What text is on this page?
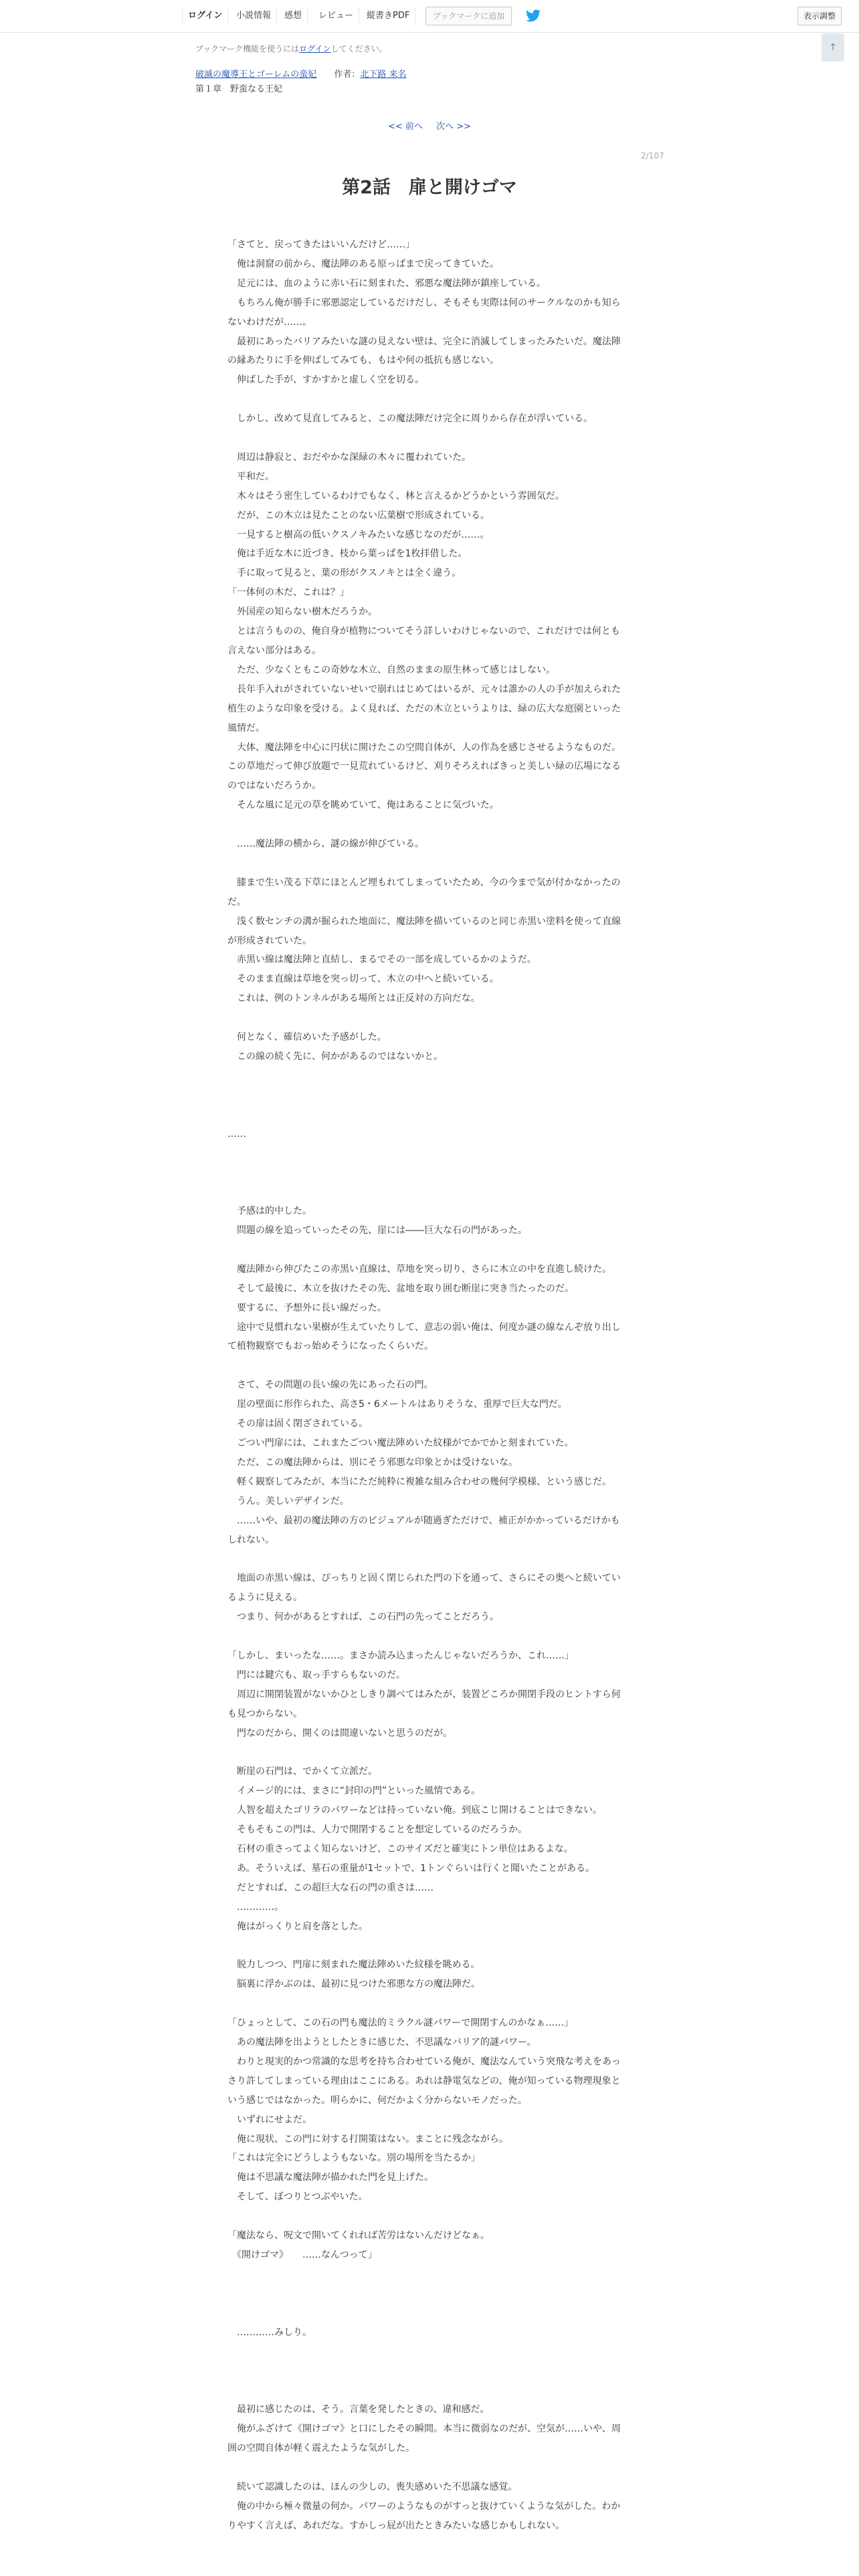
ログイン	小説情報	感想	レビュー	縦書きPDF	ブックマークに追加	表示調整
ブックマーク機能を使うにはログインしてください。	↑
破滅の魔導王とゴーレムの蛮妃 作者：北下路 来名
第１章　野蛮なる王妃
<< 前へ 次へ >>
2/107
第2話　扉と開けゴマ

「さてと、戻ってきたはいいんだけど……」

　俺は洞窟の前から、魔法陣のある原っぱまで戻ってきていた。

　足元には、血のように赤い石に刻まれた、邪悪な魔法陣が鎮座している。

　もちろん俺が勝手に邪悪認定しているだけだし、そもそも実際は何のサークルなのかも知らないわけだが……。

　最初にあったバリアみたいな謎の見えない壁は、完全に消滅してしまったみたいだ。魔法陣の縁あたりに手を伸ばしてみても、もはや何の抵抗も感じない。

　伸ばした手が、すかすかと虚しく空を切る。

　しかし、改めて見直してみると、この魔法陣だけ完全に周りから存在が浮いている。

　周辺は静寂と、おだやかな深緑の木々に覆われていた。

　平和だ。

　木々はそう密生しているわけでもなく、林と言えるかどうかという雰囲気だ。

　だが、この木立は見たことのない広葉樹で形成されている。

　一見すると樹高の低いクスノキみたいな感じなのだが……。

　俺は手近な木に近づき、枝から葉っぱを1枚拝借した。

　手に取って見ると、葉の形がクスノキとは全く違う。

「一体何の木だ、これは？」

　外国産の知らない樹木だろうか。

　とは言うものの、俺自身が植物についてそう詳しいわけじゃないので、これだけでは何とも言えない部分はある。

　ただ、少なくともこの奇妙な木立、自然のままの原生林って感じはしない。

　長年手入れがされていないせいで崩れはじめてはいるが、元々は誰かの人の手が加えられた植生のような印象を受ける。よく見れば、ただの木立というよりは、緑の広大な庭園といった風情だ。

　大体、魔法陣を中心に円状に開けたこの空間自体が、人の作為を感じさせるようなものだ。この草地だって伸び放題で一見荒れているけど、刈りそろえればきっと美しい緑の広場になるのではないだろうか。

　そんな風に足元の草を眺めていて、俺はあることに気づいた。

　……魔法陣の横から、謎の線が伸びている。

　膝まで生い茂る下草にほとんど埋もれてしまっていたため、今の今まで気が付かなかったのだ。

　浅く数センチの溝が掘られた地面に、魔法陣を描いているのと同じ赤黒い塗料を使って直線が形成されていた。

　赤黒い線は魔法陣と直結し、まるでその一部を成しているかのようだ。

　そのまま直線は草地を突っ切って、木立の中へと続いている。

　これは、例のトンネルがある場所とは正反対の方向だな。

　何となく、確信めいた予感がした。

　この線の続く先に、何かがあるのではないかと。

……

　予感は的中した。

　問題の線を追っていったその先、崖には――巨大な石の門があった。

　魔法陣から伸びたこの赤黒い直線は、草地を突っ切り、さらに木立の中を直進し続けた。

　そして最後に、木立を抜けたその先、盆地を取り囲む断崖に突き当たったのだ。

　要するに、予想外に長い線だった。

　途中で見慣れない果樹が生えていたりして、意志の弱い俺は、何度か謎の線なんぞ放り出して植物観察でもおっ始めそうになったくらいだ。

　さて、その問題の長い線の先にあった石の門。

　崖の壁面に形作られた、高さ5・6メートルはありそうな、重厚で巨大な門だ。

　その扉は固く閉ざされている。

　ごつい門扉には、これまたごつい魔法陣めいた紋様がでかでかと刻まれていた。

　ただ、この魔法陣からは、別にそう邪悪な印象とかは受けないな。

　軽く観察してみたが、本当にただ純粋に複雑な組み合わせの幾何学模様、という感じだ。

　うん。美しいデザインだ。

　……いや、最初の魔法陣の方のビジュアルが随過ぎただけで、補正がかかっているだけかもしれない。

　地面の赤黒い線は、ぴっちりと固く閉じられた門の下を通って、さらにその奥へと続いているように見える。

　つまり、何かがあるとすれば、この石門の先ってことだろう。

「しかし、まいったな……。まさか読み込まったんじゃないだろうか、これ……」

　門には鍵穴も、取っ手すらもないのだ。

　周辺に開閉装置がないかひとしきり調べてはみたが、装置どころか開閉手段のヒントすら何も見つからない。

　門なのだから、開くのは間違いないと思うのだが。

　断崖の石門は、でかくて立派だ。

　イメージ的には、まさに“封印の門”といった風情である。

　人智を超えたゴリラのパワーなどは持っていない俺。到底こじ開けることはできない。

　そもそもこの門は、人力で開閉することを想定しているのだろうか。

　石材の重さってよく知らないけど、このサイズだと確実にトン単位はあるよな。

　あ。そういえば、墓石の重量が1セットで、1トンぐらいは行くと聞いたことがある。

　だとすれば、この超巨大な石の門の重さは……

　…………。

　俺はがっくりと肩を落とした。

　脱力しつつ、門扉に刻まれた魔法陣めいた紋様を眺める。

　脳裏に浮かぶのは、最初に見つけた邪悪な方の魔法陣だ。

「ひょっとして、この石の門も魔法的ミラクル謎パワーで開閉すんのかなぁ……」

　あの魔法陣を出ようとしたときに感じた、不思議なバリア的謎パワー。

　わりと現実的かつ常識的な思考を持ち合わせている俺が、魔法なんていう突飛な考えをあっさり許してしまっている理由はここにある。あれは静電気などの、俺が知っている物理現象という感じではなかった。明らかに、何だかよく分からないモノだった。

　いずれにせよだ。

　俺に現状、この門に対する打開策はない。まことに残念ながら。

「これは完全にどうしようもないな。別の場所を当たるか」

　俺は不思議な魔法陣が描かれた門を見上げた。

　そして、ぼつりとつぶやいた。

「魔法なら、呪文で開いてくれれば苦労はないんだけどなぁ。

　《開けゴマ》　　……なんつって」

　…………みしり。

　最初に感じたのは、そう。言葉を発したときの、違和感だ。

　俺がふざけて《開けゴマ》と口にしたその瞬間。本当に微弱なのだが、空気が……いや、周囲の空間自体が軽く震えたような気がした。

　続いて認識したのは、ほんの少しの、喪失感めいた不思議な感覚。

　俺の中から極々微量の何か。パワーのようなものがすっと抜けていくような気がした。わかりやすく言えば、あれだな。すかしっ屁が出たときみたいな感じかもしれない。
